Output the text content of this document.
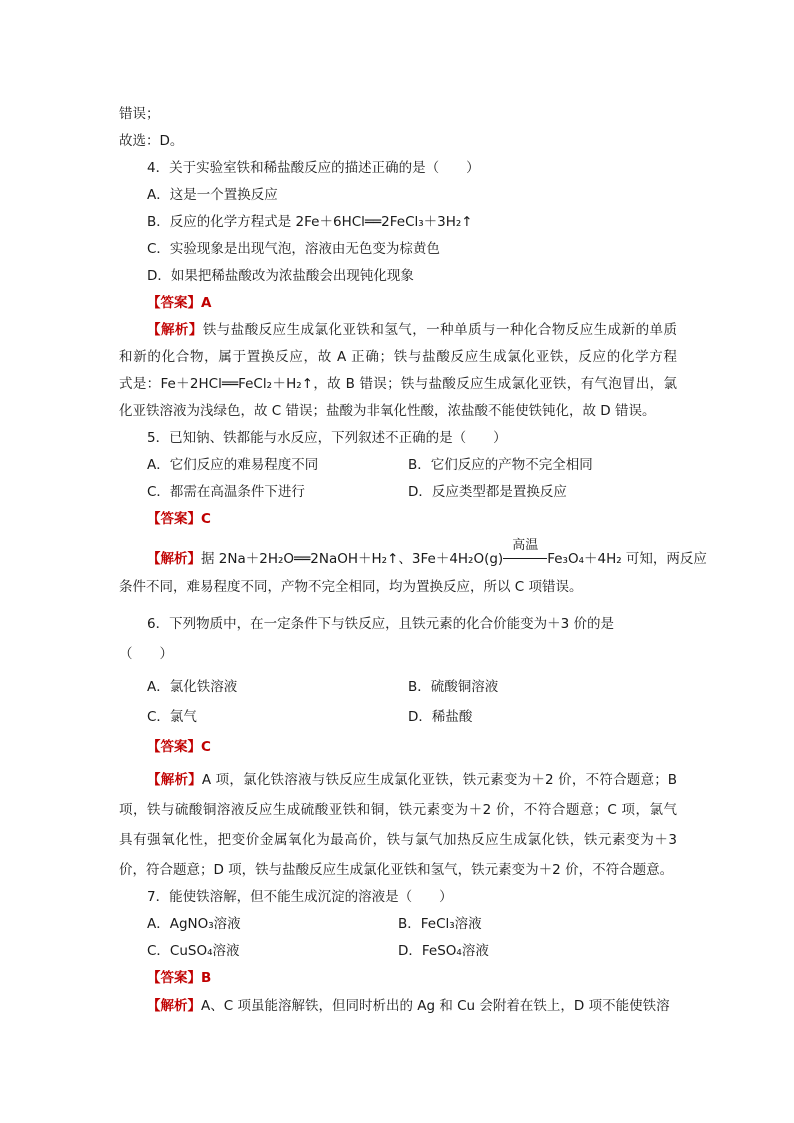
错误；
故选：D。
4．关于实验室铁和稀盐酸反应的描述正确的是（　　）
A．这是一个置换反应
B．反应的化学方程式是 2Fe＋6HCl══2FeCl₃＋3H₂↑
C．实验现象是出现气泡，溶液由无色变为棕黄色
D．如果把稀盐酸改为浓盐酸会出现钝化现象
【答案】A
【解析】铁与盐酸反应生成氯化亚铁和氢气，一种单质与一种化合物反应生成新的单质
和新的化合物，属于置换反应，故 A 正确；铁与盐酸反应生成氯化亚铁，反应的化学方程
式是：Fe＋2HCl══FeCl₂＋H₂↑，故 B 错误；铁与盐酸反应生成氯化亚铁，有气泡冒出，氯
化亚铁溶液为浅绿色，故 C 错误；盐酸为非氧化性酸，浓盐酸不能使铁钝化，故 D 错误。
5．已知钠、铁都能与水反应，下列叙述不正确的是（　　）
A．它们反应的难易程度不同	B．它们反应的产物不完全相同
C．都需在高温条件下进行	D．反应类型都是置换反应
【答案】C
【解析】据 2Na＋2H₂O══2NaOH＋H₂↑、3Fe＋4H₂O(g)
高温
Fe₃O₄＋4H₂ 可知，两反应
条件不同，难易程度不同，产物不完全相同，均为置换反应，所以 C 项错误。
6．下列物质中，在一定条件下与铁反应，且铁元素的化合价能变为＋3 价的是
（　　）
A．氯化铁溶液	B．硫酸铜溶液
C．氯气	D．稀盐酸
【答案】C
【解析】A 项，氯化铁溶液与铁反应生成氯化亚铁，铁元素变为＋2 价，不符合题意；B
项，铁与硫酸铜溶液反应生成硫酸亚铁和铜，铁元素变为＋2 价，不符合题意；C 项，氯气
具有强氧化性，把变价金属氧化为最高价，铁与氯气加热反应生成氯化铁，铁元素变为＋3
价，符合题意；D 项，铁与盐酸反应生成氯化亚铁和氢气，铁元素变为＋2 价，不符合题意。
7．能使铁溶解，但不能生成沉淀的溶液是（　　）
A．AgNO₃溶液	B．FeCl₃溶液
C．CuSO₄溶液	D．FeSO₄溶液
【答案】B
【解析】A、C 项虽能溶解铁，但同时析出的 Ag 和 Cu 会附着在铁上，D 项不能使铁溶
